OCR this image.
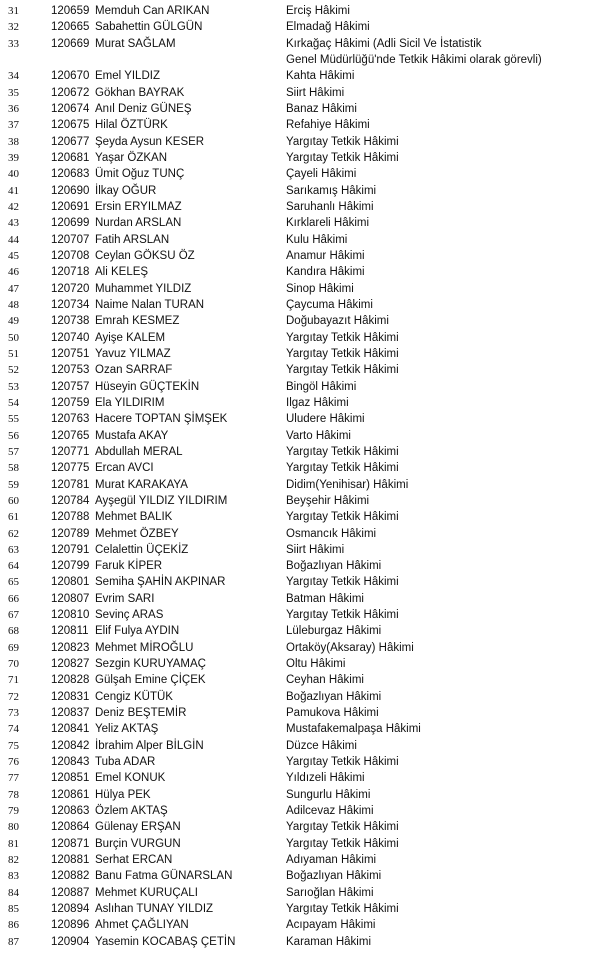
31	120659 Memduh Can ARIKAN	Erciş Hâkimi
32	120665 Sabahettin GÜLGÜN	Elmadağ Hâkimi
33	120669 Murat SAĞLAM	Kırkağaç Hâkimi (Adli Sicil Ve İstatistik
Genel Müdürlüğü'nde Tetkik Hâkimi olarak görevli)
34	120670 Emel YILDIZ	Kahta Hâkimi
35	120672 Gökhan BAYRAK	Siirt Hâkimi
36	120674 Anıl Deniz GÜNEŞ	Banaz Hâkimi
37	120675 Hilal ÖZTÜRK	Refahiye Hâkimi
38	120677 Şeyda Aysun KESER	Yargıtay Tetkik Hâkimi
39	120681 Yaşar ÖZKAN	Yargıtay Tetkik Hâkimi
40	120683 Ümit Oğuz TUNÇ	Çayeli Hâkimi
41	120690 İlkay OĞUR	Sarıkamış Hâkimi
42	120691 Ersin ERYILMAZ	Saruhanlı Hâkimi
43	120699 Nurdan ARSLAN	Kırklareli Hâkimi
44	120707 Fatih ARSLAN	Kulu Hâkimi
45	120708 Ceylan GÖKSU ÖZ	Anamur Hâkimi
46	120718 Ali KELEŞ	Kandıra Hâkimi
47	120720 Muhammet YILDIZ	Sinop Hâkimi
48	120734 Naime Nalan TURAN	Çaycuma Hâkimi
49	120738 Emrah KESMEZ	Doğubayazıt Hâkimi
50	120740 Ayişe KALEM	Yargıtay Tetkik Hâkimi
51	120751 Yavuz YILMAZ	Yargıtay Tetkik Hâkimi
52	120753 Ozan SARRAF	Yargıtay Tetkik Hâkimi
53	120757 Hüseyin GÜÇTEKİN	Bingöl Hâkimi
54	120759 Ela YILDIRIM	Ilgaz Hâkimi
55	120763 Hacere TOPTAN ŞİMŞEK	Uludere Hâkimi
56	120765 Mustafa AKAY	Varto Hâkimi
57	120771 Abdullah MERAL	Yargıtay Tetkik Hâkimi
58	120775 Ercan AVCI	Yargıtay Tetkik Hâkimi
59	120781 Murat KARAKAYA	Didim(Yenihisar) Hâkimi
60	120784 Ayşegül YILDIZ YILDIRIM	Beyşehir Hâkimi
61	120788 Mehmet BALIK	Yargıtay Tetkik Hâkimi
62	120789 Mehmet ÖZBEY	Osmancık Hâkimi
63	120791 Celalettin ÜÇEKİZ	Siirt Hâkimi
64	120799 Faruk KİPER	Boğazlıyan Hâkimi
65	120801 Semiha ŞAHİN AKPINAR	Yargıtay Tetkik Hâkimi
66	120807 Evrim SARI	Batman Hâkimi
67	120810 Sevinç ARAS	Yargıtay Tetkik Hâkimi
68	120811 Elif Fulya AYDIN	Lüleburgaz Hâkimi
69	120823 Mehmet MİROĞLU	Ortaköy(Aksaray) Hâkimi
70	120827 Sezgin KURUYAMAÇ	Oltu Hâkimi
71	120828 Gülşah Emine ÇİÇEK	Ceyhan Hâkimi
72	120831 Cengiz KÜTÜK	Boğazlıyan Hâkimi
73	120837 Deniz BEŞTEMİR	Pamukova Hâkimi
74	120841 Yeliz AKTAŞ	Mustafakemalpaşa Hâkimi
75	120842 İbrahim Alper BİLGİN	Düzce Hâkimi
76	120843 Tuba ADAR	Yargıtay Tetkik Hâkimi
77	120851 Emel KONUK	Yıldızeli Hâkimi
78	120861 Hülya PEK	Sungurlu Hâkimi
79	120863 Özlem AKTAŞ	Adilcevaz Hâkimi
80	120864 Gülenay ERŞAN	Yargıtay Tetkik Hâkimi
81	120871 Burçin VURGUN	Yargıtay Tetkik Hâkimi
82	120881 Serhat ERCAN	Adıyaman Hâkimi
83	120882 Banu Fatma GÜNARSLAN	Boğazlıyan Hâkimi
84	120887 Mehmet KURUÇALI	Sarıoğlan Hâkimi
85	120894 Aslıhan TUNAY YILDIZ	Yargıtay Tetkik Hâkimi
86	120896 Ahmet ÇAĞLIYAN	Acıpayam Hâkimi
87	120904 Yasemin KOCABAŞ ÇETİN	Karaman Hâkimi
